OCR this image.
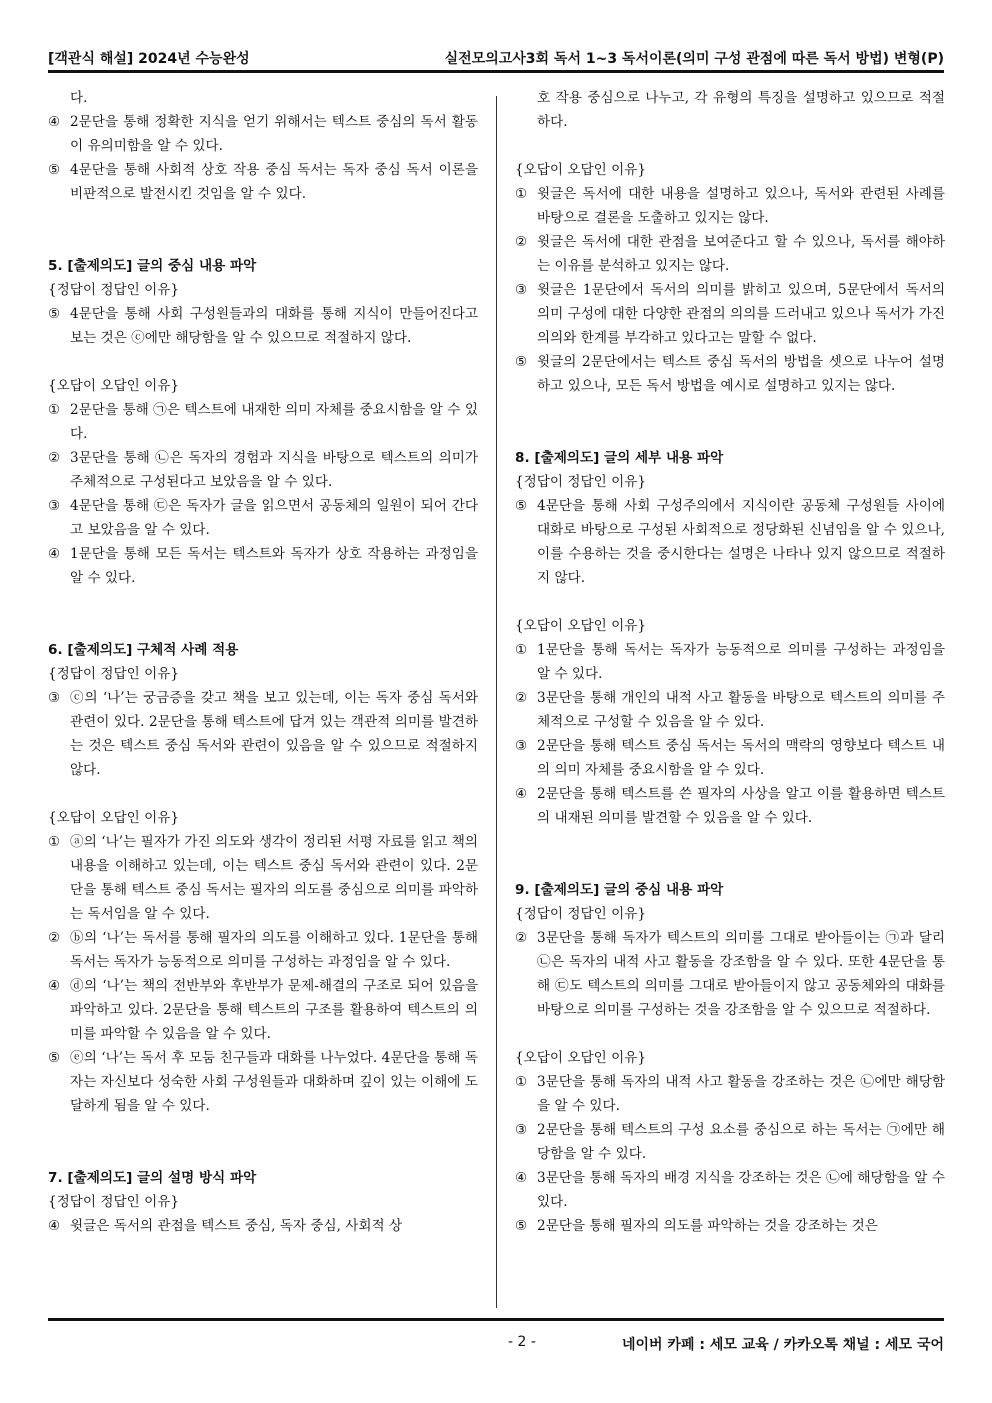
[객관식 해설] 2024년 수능완성	실전모의고사3회 독서 1~3 독서이론(의미 구성 관점에 따른 독서 방법) 변형(P)

다.

④ 2문단을 통해 정확한 지식을 얻기 위해서는 텍스트 중심의 독서 활동이 유의미함을 알 수 있다.
⑤ 4문단을 통해 사회적 상호 작용 중심 독서는 독자 중심 독서 이론을 비판적으로 발전시킨 것임을 알 수 있다.

5. [출제의도] 글의 중심 내용 파악

{정답이 정답인 이유}

⑤ 4문단을 통해 사회 구성원들과의 대화를 통해 지식이 만들어진다고 보는 것은 ⓒ에만 해당함을 알 수 있으므로 적절하지 않다.

{오답이 오답인 이유}

① 2문단을 통해 ㉠은 텍스트에 내재한 의미 자체를 중요시함을 알 수 있다.
② 3문단을 통해 ㉡은 독자의 경험과 지식을 바탕으로 텍스트의 의미가 주체적으로 구성된다고 보았음을 알 수 있다.
③ 4문단을 통해 ㉢은 독자가 글을 읽으면서 공동체의 일원이 되어 간다고 보았음을 알 수 있다.
④ 1문단을 통해 모든 독서는 텍스트와 독자가 상호 작용하는 과정임을 알 수 있다.

6. [출제의도] 구체적 사례 적용

{정답이 정답인 이유}

③ ⓒ의 ‘나’는 궁금증을 갖고 책을 보고 있는데, 이는 독자 중심 독서와 관련이 있다. 2문단을 통해 텍스트에 답겨 있는 객관적 의미를 발견하는 것은 텍스트 중심 독서와 관련이 있음을 알 수 있으므로 적절하지 않다.

{오답이 오답인 이유}

① ⓐ의 ‘나’는 필자가 가진 의도와 생각이 정리된 서평 자료를 읽고 책의 내용을 이해하고 있는데, 이는 텍스트 중심 독서와 관련이 있다. 2문단을 통해 텍스트 중심 독서는 필자의 의도를 중심으로 의미를 파악하는 독서임을 알 수 있다.
② ⓑ의 ‘나’는 독서를 통해 필자의 의도를 이해하고 있다. 1문단을 통해 독서는 독자가 능동적으로 의미를 구성하는 과정임을 알 수 있다.
④ ⓓ의 ‘나’는 책의 전반부와 후반부가 문제-해결의 구조로 되어 있음을 파악하고 있다. 2문단을 통해 텍스트의 구조를 활용하여 텍스트의 의미를 파악할 수 있음을 알 수 있다.
⑤ ⓔ의 ‘나’는 독서 후 모둠 친구들과 대화를 나누었다. 4문단을 통해 독자는 자신보다 성숙한 사회 구성원들과 대화하며 깊이 있는 이해에 도달하게 됨을 알 수 있다.

7. [출제의도] 글의 설명 방식 파악

{정답이 정답인 이유}

④ 윗글은 독서의 관점을 텍스트 중심, 독자 중심, 사회적 상

호 작용 중심으로 나누고, 각 유형의 특징을 설명하고 있으므로 적절하다.

{오답이 오답인 이유}

① 윗글은 독서에 대한 내용을 설명하고 있으나, 독서와 관련된 사례를 바탕으로 결론을 도출하고 있지는 않다.
② 윗글은 독서에 대한 관점을 보여준다고 할 수 있으나, 독서를 해야하는 이유를 분석하고 있지는 않다.
③ 윗글은 1문단에서 독서의 의미를 밝히고 있으며, 5문단에서 독서의 의미 구성에 대한 다양한 관점의 의의를 드러내고 있으나 독서가 가진 의의와 한계를 부각하고 있다고는 말할 수 없다.
⑤ 윗글의 2문단에서는 텍스트 중심 독서의 방법을 셋으로 나누어 설명하고 있으나, 모든 독서 방법을 예시로 설명하고 있지는 않다.

8. [출제의도] 글의 세부 내용 파악

{정답이 정답인 이유}

⑤ 4문단을 통해 사회 구성주의에서 지식이란 공동체 구성원들 사이에 대화로 바탕으로 구성된 사회적으로 정당화된 신념임을 알 수 있으나, 이를 수용하는 것을 중시한다는 설명은 나타나 있지 않으므로 적절하지 않다.

{오답이 오답인 이유}

① 1문단을 통해 독서는 독자가 능동적으로 의미를 구성하는 과정임을 알 수 있다.
② 3문단을 통해 개인의 내적 사고 활동을 바탕으로 텍스트의 의미를 주체적으로 구성할 수 있음을 알 수 있다.
③ 2문단을 통해 텍스트 중심 독서는 독서의 맥락의 영향보다 텍스트 내의 의미 자체를 중요시함을 알 수 있다.
④ 2문단을 통해 텍스트를 쓴 필자의 사상을 알고 이를 활용하면 텍스트의 내재된 의미를 발견할 수 있음을 알 수 있다.

9. [출제의도] 글의 중심 내용 파악

{정답이 정답인 이유}

② 3문단을 통해 독자가 텍스트의 의미를 그대로 받아들이는 ㉠과 달리 ㉡은 독자의 내적 사고 활동을 강조함을 알 수 있다. 또한 4문단을 통해 ㉢도 텍스트의 의미를 그대로 받아들이지 않고 공동체와의 대화를 바탕으로 의미를 구성하는 것을 강조함을 알 수 있으므로 적절하다.

{오답이 오답인 이유}

① 3문단을 통해 독자의 내적 사고 활동을 강조하는 것은 ㉡에만 해당함을 알 수 있다.
③ 2문단을 통해 텍스트의 구성 요소를 중심으로 하는 독서는 ㉠에만 해당함을 알 수 있다.
④ 3문단을 통해 독자의 배경 지식을 강조하는 것은 ㉡에 해당함을 알 수 있다.
⑤ 2문단을 통해 필자의 의도를 파악하는 것을 강조하는 것은
- 2 -	네이버 카페 : 세모 교육 / 카카오톡 채널 : 세모 국어
